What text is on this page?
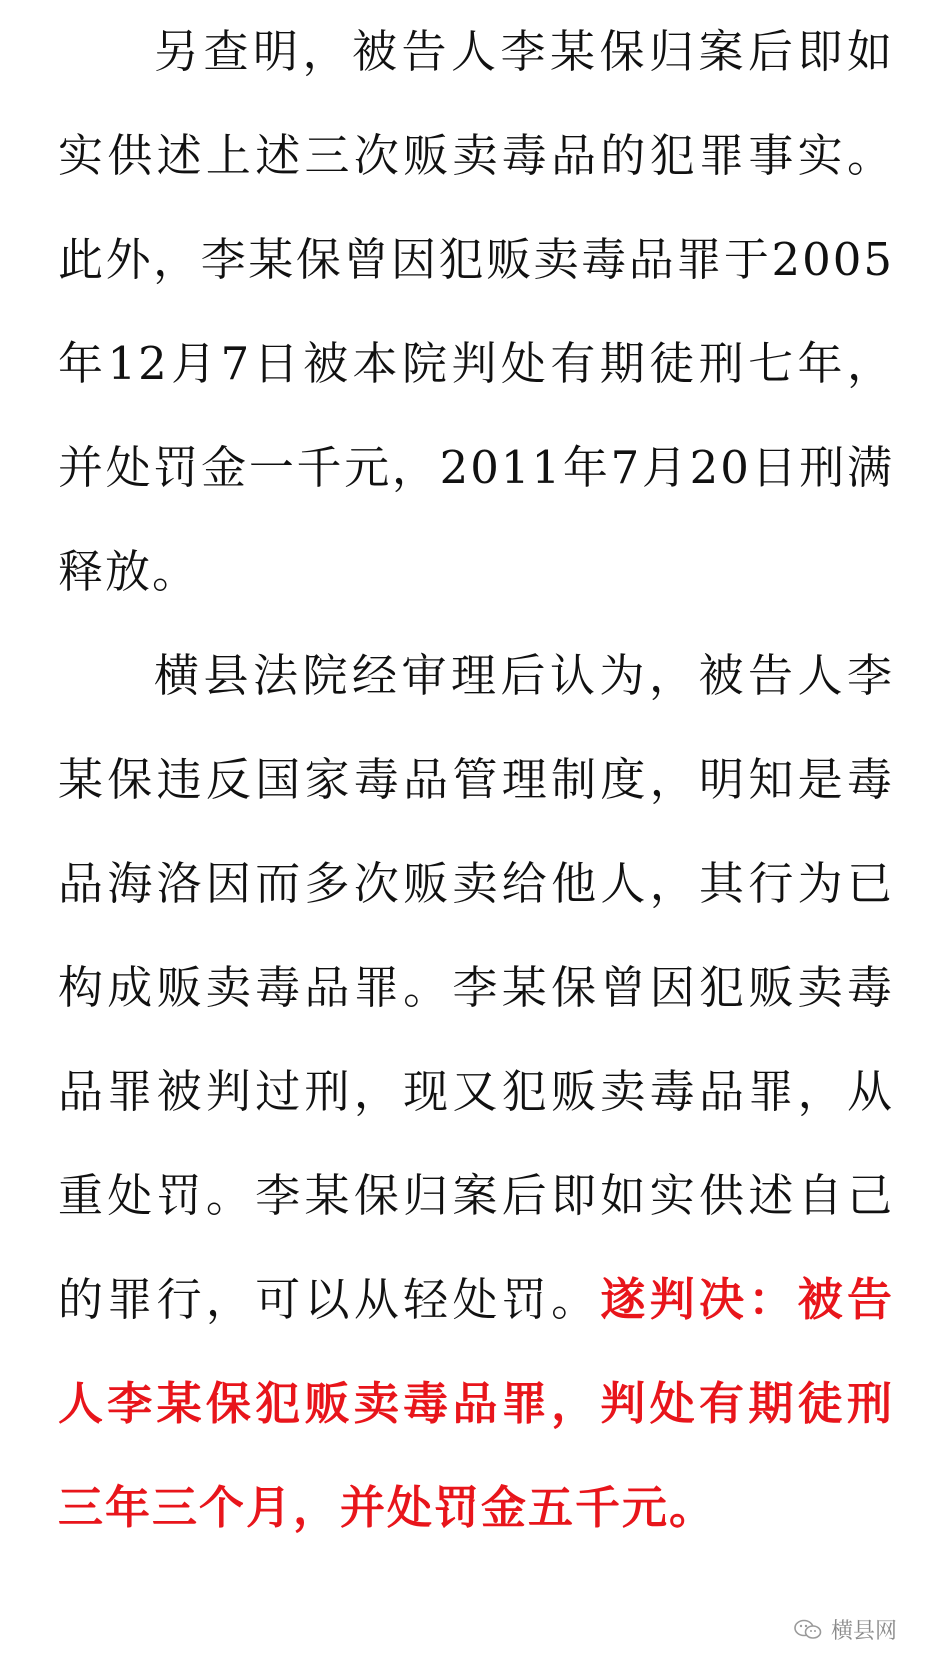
另查明，被告人李某保归案后即如实供述上述三次贩卖毒品的犯罪事实。此外，李某保曾因犯贩卖毒品罪于2005年12月7日被本院判处有期徒刑七年，并处罚金一千元，2011年7月20日刑满释放。

横县法院经审理后认为，被告人李某保违反国家毒品管理制度，明知是毒品海洛因而多次贩卖给他人，其行为已构成贩卖毒品罪。李某保曾因犯贩卖毒品罪被判过刑，现又犯贩卖毒品罪，从重处罚。李某保归案后即如实供述自己的罪行，可以从轻处罚。遂判决：被告人李某保犯贩卖毒品罪，判处有期徒刑三年三个月，并处罚金五千元。

横县网
